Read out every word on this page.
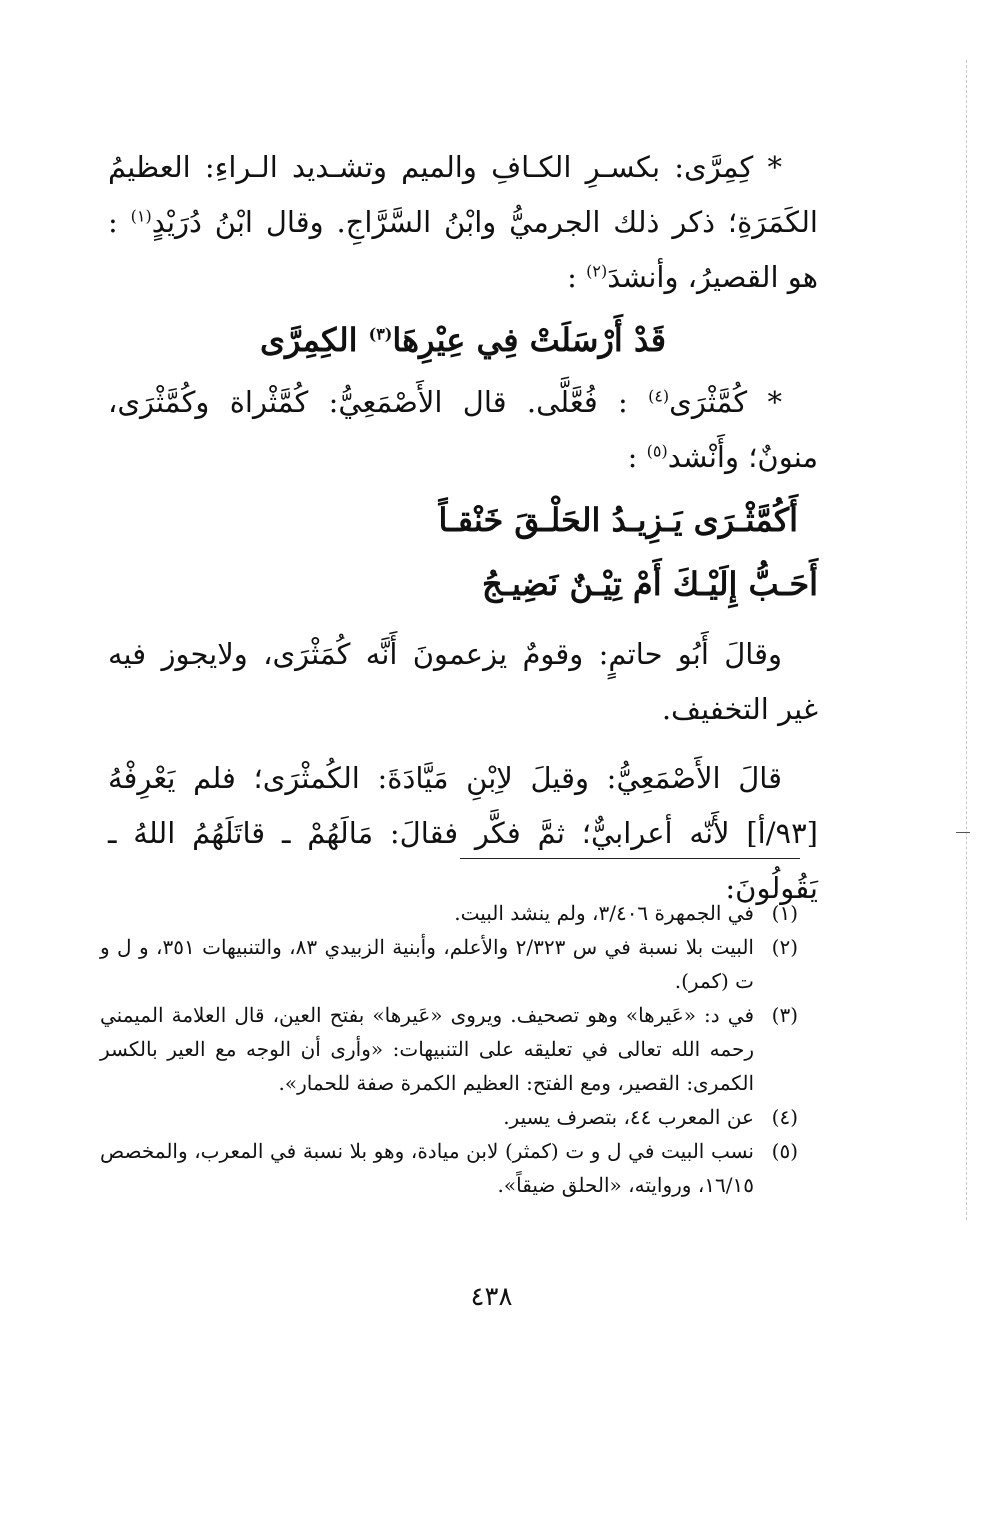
* كِمِرَّى: بكسـرِ الكـافِ والميم وتشـديد الـراءِ: العظيمُ الكَمَرَةِ؛ ذكر ذلك الجرميُّ وابْنُ السَّرَّاجِ. وقال ابْنُ دُرَيْدٍ$^{(١)}$ : هو القصيرُ، وأنشدَ$^{(٢)}$ :

قَدْ أَرْسَلَتْ فِي عِيْرِهَا$^{(٣)}$ الكِمِرَّى

* كُمَّثْرَى$^{(٤)}$ : فُعَّلَّى. قال الأَصْمَعِيُّ: كُمَّثْراة وكُمَّثْرَى، منونٌ؛ وأَنْشد$^{(٥)}$ :

أَكُمَّثْـرَى يَـزِيـدُ الحَلْـقَ خَنْقـاً

أَحَـبُّ إِلَيْـكَ أَمْ تِيْـنٌ نَضِيـجُ

وقالَ أَبُو حاتمٍ: وقومٌ يزعمونَ أَنَّه كُمَثْرَى، ولايجوز فيه غير التخفيف.

قالَ الأَصْمَعِيُّ: وقيلَ لاِبْنِ مَيَّادَةَ: الكُمثْرَى؛ فلم يَعْرِفْهُ [٩٣/أ] لأَنّه أعرابيٌّ؛ ثمَّ فكَّر فقالَ: مَالَهُمْ ـ قاتَلَهُمُ اللهُ ـ يَقُولُونَ:

(١)
في الجمهرة ٣/٤٠٦، ولم ينشد البيت.
(٢)
البيت بلا نسبة في س ٢/٣٢٣ والأعلم، وأبنية الزبيدي ٨٣، والتنبيهات ٣٥١، و ل و ت (كمر).
(٣)
في د: «عَيرها» وهو تصحيف. ويروى «عَيرها» بفتح العين، قال العلامة الميمني رحمه الله تعالى في تعليقه على التنبيهات: «وأرى أن الوجه مع العير بالكسر الكمرى: القصير، ومع الفتح: العظيم الكمرة صفة للحمار».
(٤)
عن المعرب ٤٤، بتصرف يسير.
(٥)
نسب البيت في ل و ت (كمثر) لابن ميادة، وهو بلا نسبة في المعرب، والمخصص ١٦/١٥، وروايته، «الحلق ضيقاً».
٤٣٨
